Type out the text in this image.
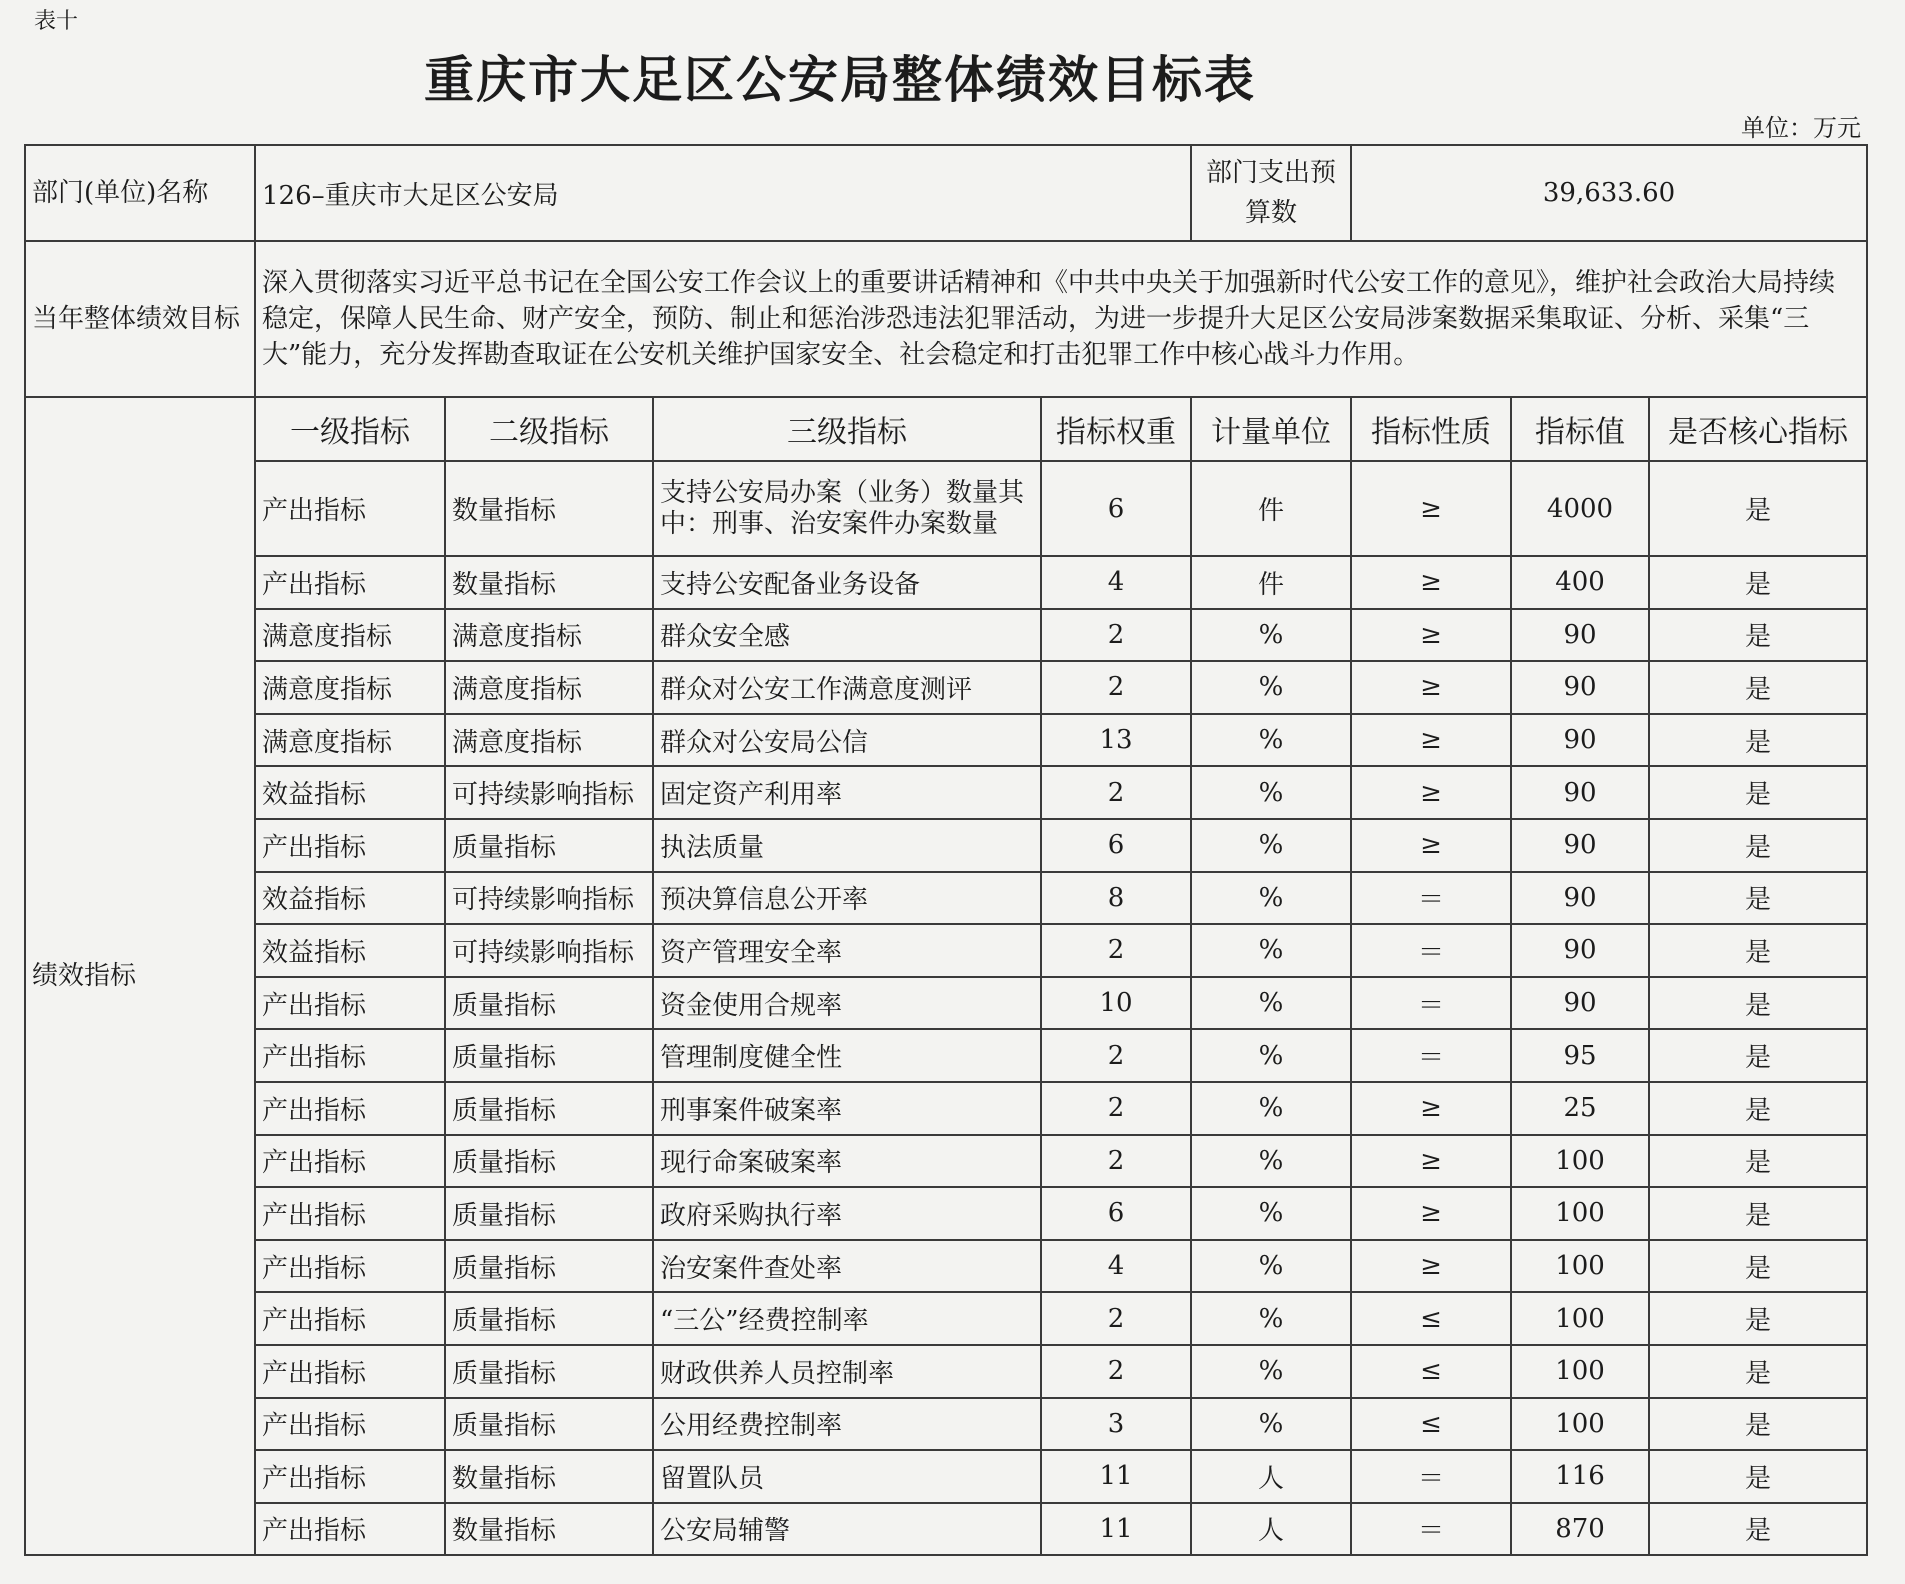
表十
重庆市大足区公安局整体绩效目标表
单位：万元
部门(单位)名称	126–重庆市大足区公安局				部门支出预算数	39,633.60		
当年整体绩效目标	深入贯彻落实习近平总书记在全国公安工作会议上的重要讲话精神和《中共中央关于加强新时代公安工作的意见》，维护社会政治大局持续稳定，保障人民生命、财产安全，预防、制止和惩治涉恐违法犯罪活动，为进一步提升大足区公安局涉案数据采集取证、分析、采集“三大”能力，充分发挥勘查取证在公安机关维护国家安全、社会稳定和打击犯罪工作中核心战斗力作用。							
绩效指标	一级指标	二级指标	三级指标	指标权重	计量单位	指标性质	指标值	是否核心指标
	产出指标	数量指标	支持公安局办案（业务）数量其中：刑事、治安案件办案数量	6	件	≥	4000	是
	产出指标	数量指标	支持公安配备业务设备	4	件	≥	400	是
	满意度指标	满意度指标	群众安全感	2	%	≥	90	是
	满意度指标	满意度指标	群众对公安工作满意度测评	2	%	≥	90	是
	满意度指标	满意度指标	群众对公安局公信	13	%	≥	90	是
	效益指标	可持续影响指标	固定资产利用率	2	%	≥	90	是
	产出指标	质量指标	执法质量	6	%	≥	90	是
	效益指标	可持续影响指标	预决算信息公开率	8	%	＝	90	是
	效益指标	可持续影响指标	资产管理安全率	2	%	＝	90	是
	产出指标	质量指标	资金使用合规率	10	%	＝	90	是
	产出指标	质量指标	管理制度健全性	2	%	＝	95	是
	产出指标	质量指标	刑事案件破案率	2	%	≥	25	是
	产出指标	质量指标	现行命案破案率	2	%	≥	100	是
	产出指标	质量指标	政府采购执行率	6	%	≥	100	是
	产出指标	质量指标	治安案件查处率	4	%	≥	100	是
	产出指标	质量指标	“三公”经费控制率	2	%	≤	100	是
	产出指标	质量指标	财政供养人员控制率	2	%	≤	100	是
	产出指标	质量指标	公用经费控制率	3	%	≤	100	是
	产出指标	数量指标	留置队员	11	人	＝	116	是
	产出指标	数量指标	公安局辅警	11	人	＝	870	是
